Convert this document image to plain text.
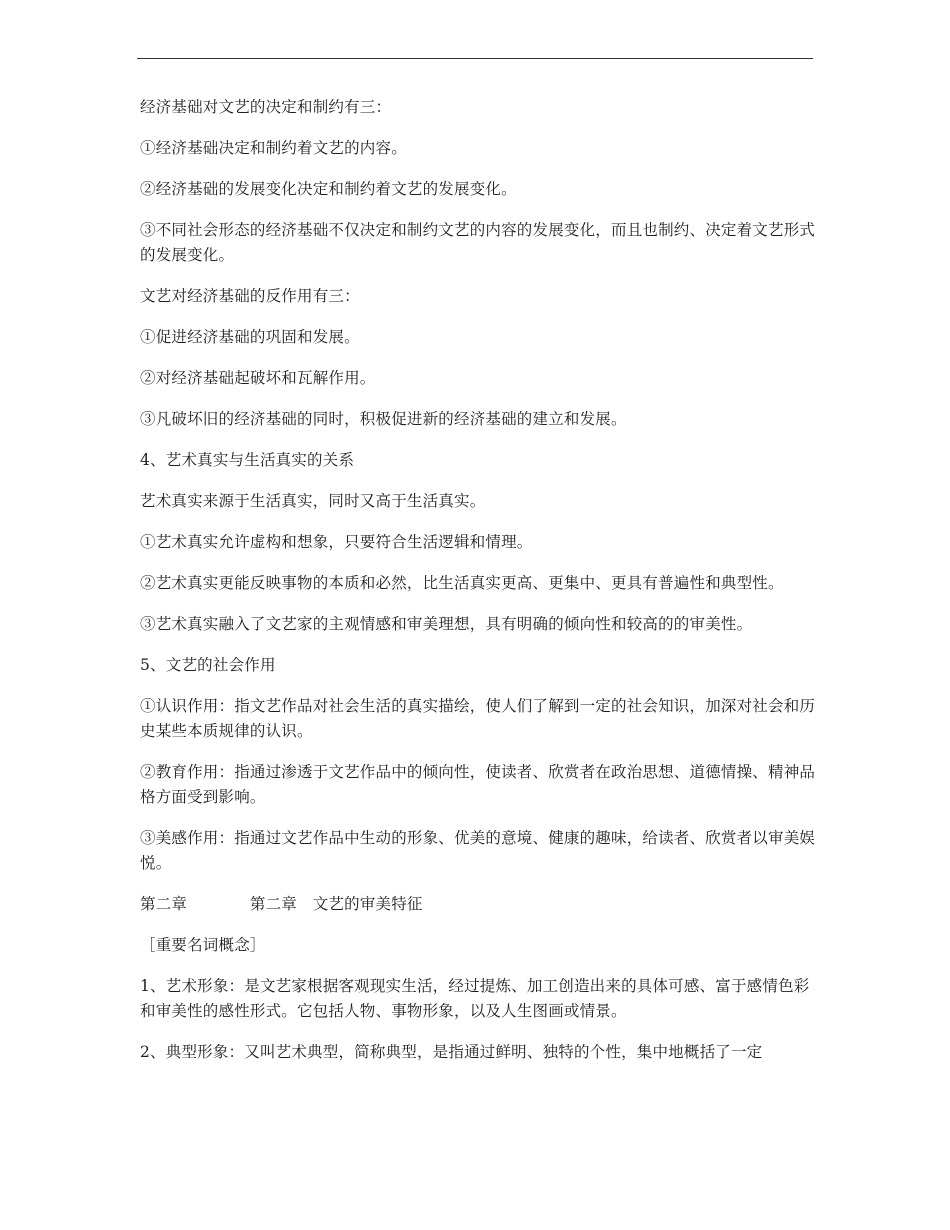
经济基础对文艺的决定和制约有三：

①经济基础决定和制约着文艺的内容。

②经济基础的发展变化决定和制约着文艺的发展变化。

③不同社会形态的经济基础不仅决定和制约文艺的内容的发展变化，而且也制约、决定着文艺形式的发展变化。

文艺对经济基础的反作用有三：

①促进经济基础的巩固和发展。

②对经济基础起破坏和瓦解作用。

③凡破坏旧的经济基础的同时，积极促进新的经济基础的建立和发展。

4、艺术真实与生活真实的关系

艺术真实来源于生活真实，同时又高于生活真实。

①艺术真实允许虚构和想象，只要符合生活逻辑和情理。

②艺术真实更能反映事物的本质和必然，比生活真实更高、更集中、更具有普遍性和典型性。

③艺术真实融入了文艺家的主观情感和审美理想，具有明确的倾向性和较高的的审美性。

5、文艺的社会作用

①认识作用：指文艺作品对社会生活的真实描绘，使人们了解到一定的社会知识，加深对社会和历史某些本质规律的认识。

②教育作用：指通过渗透于文艺作品中的倾向性，使读者、欣赏者在政治思想、道德情操、精神品格方面受到影响。

③美感作用：指通过文艺作品中生动的形象、优美的意境、健康的趣味，给读者、欣赏者以审美娱悦。

第二章　　　　第二章　文艺的审美特征

［重要名词概念］

1、艺术形象：是文艺家根据客观现实生活，经过提炼、加工创造出来的具体可感、富于感情色彩和审美性的感性形式。它包括人物、事物形象，以及人生图画或情景。

2、典型形象：又叫艺术典型，简称典型，是指通过鲜明、独特的个性，集中地概括了一定
